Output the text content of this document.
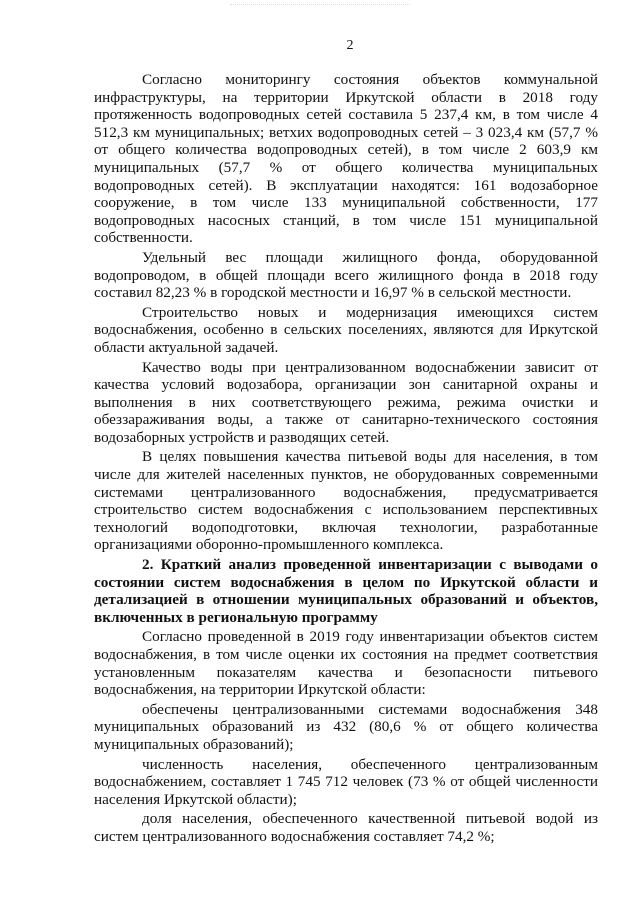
2

Согласно мониторингу состояния объектов коммунальной инфраструктуры, на территории Иркутской области в 2018 году протяженность водопроводных сетей составила 5 237,4 км, в том числе 4 512,3 км муниципальных; ветхих водопроводных сетей – 3 023,4 км (57,7 % от общего количества водопроводных сетей), в том числе 2 603,9 км муниципальных (57,7 % от общего количества муниципальных водопроводных сетей). В эксплуатации находятся: 161 водозаборное сооружение, в том числе 133 муниципальной собственности, 177 водопроводных насосных станций, в том числе 151 муниципальной собственности.

Удельный вес площади жилищного фонда, оборудованной водопроводом, в общей площади всего жилищного фонда в 2018 году составил 82,23 % в городской местности и 16,97 % в сельской местности.

Строительство новых и модернизация имеющихся систем водоснабжения, особенно в сельских поселениях, являются для Иркутской области актуальной задачей.

Качество воды при централизованном водоснабжении зависит от качества условий водозабора, организации зон санитарной охраны и выполнения в них соответствующего режима, режима очистки и обеззараживания воды, а также от санитарно-технического состояния водозаборных устройств и разводящих сетей.

В целях повышения качества питьевой воды для населения, в том числе для жителей населенных пунктов, не оборудованных современными системами централизованного водоснабжения, предусматривается строительство систем водоснабжения с использованием перспективных технологий водоподготовки, включая технологии, разработанные организациями оборонно-промышленного комплекса.

2. Краткий анализ проведенной инвентаризации с выводами о состоянии систем водоснабжения в целом по Иркутской области и детализацией в отношении муниципальных образований и объектов, включенных в региональную программу

Согласно проведенной в 2019 году инвентаризации объектов систем водоснабжения, в том числе оценки их состояния на предмет соответствия установленным показателям качества и безопасности питьевого водоснабжения, на территории Иркутской области:

обеспечены централизованными системами водоснабжения 348 муниципальных образований из 432 (80,6 % от общего количества муниципальных образований);

численность населения, обеспеченного централизованным водоснабжением, составляет 1 745 712 человек (73 % от общей численности населения Иркутской области);

доля населения, обеспеченного качественной питьевой водой из систем централизованного водоснабжения составляет 74,2 %;
